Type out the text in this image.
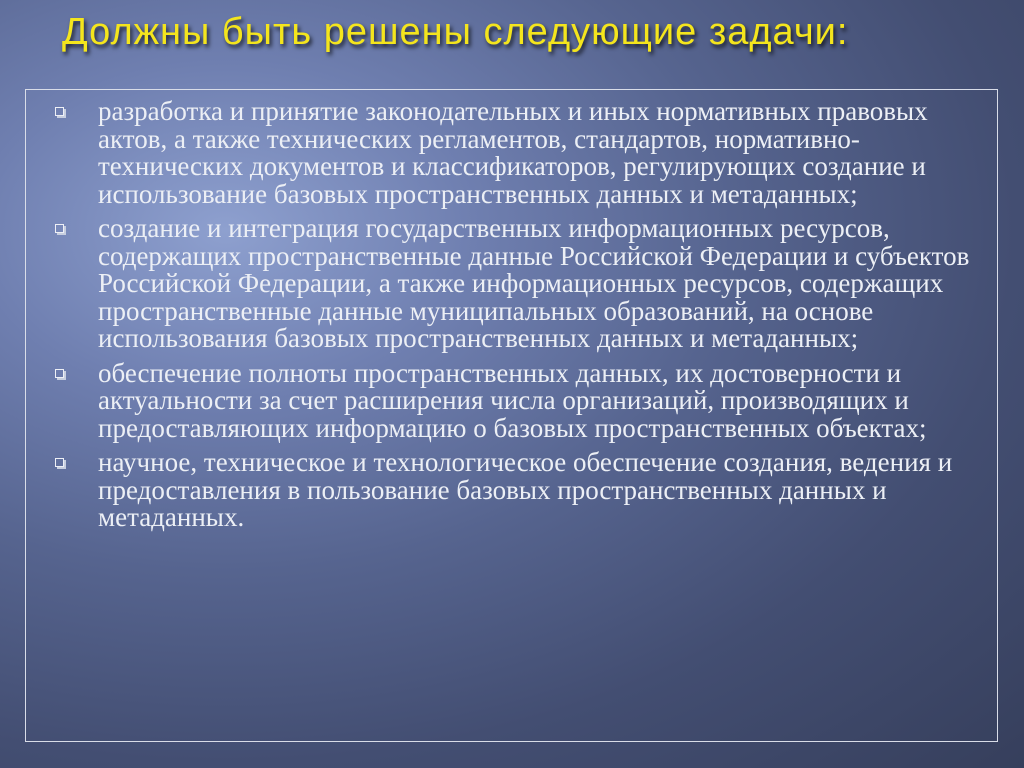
Должны быть решены следующие задачи:
разработка и принятие законодательных и иных нормативных правовых актов, а также технических регламентов, стандартов, нормативно-технических документов и классификаторов, регулирующих создание и использование базовых пространственных данных и метаданных;
создание и интеграция государственных информационных ресурсов, содержащих пространственные данные Российской Федерации и субъектов Российской Федерации, а также информационных ресурсов, содержащих пространственные данные муниципальных образований, на основе использования базовых пространственных данных и метаданных;
обеспечение полноты пространственных данных, их достоверности и актуальности за счет расширения числа организаций, производящих и предоставляющих информацию о базовых пространственных объектах;
научное, техническое и технологическое обеспечение создания, ведения и предоставления в пользование базовых пространственных данных и метаданных.
